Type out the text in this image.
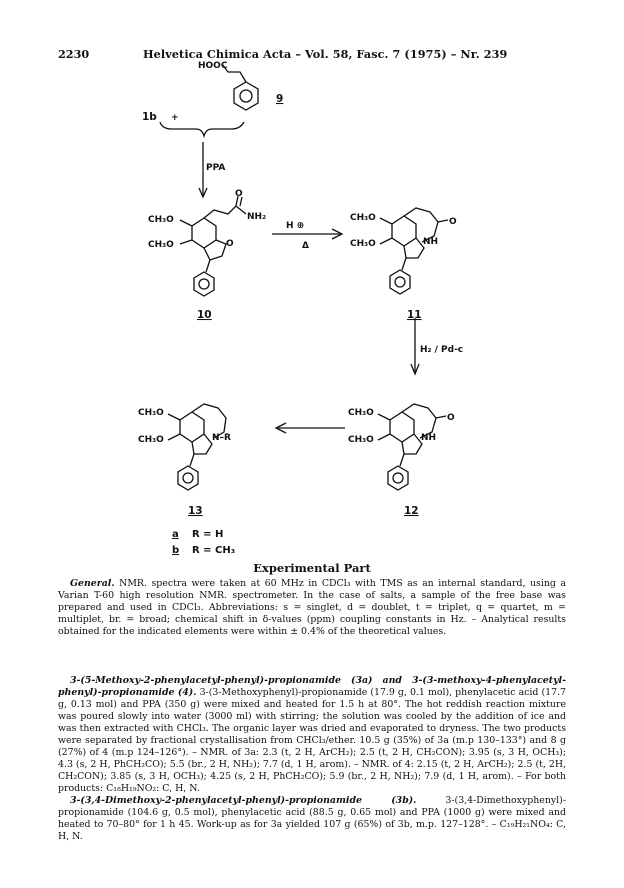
2230	Helvetica Chimica Acta – Vol. 58, Fasc. 7 (1975) – Nr. 239
1b +
HOOC
9
PPA
CH₃O
CH₃O
O
NH₂
O
10
H ⊕
Δ
CH₃O
CH₃O
O
NH
11
H₂ / Pd-c
CH₃O
CH₃O
O
NH
12
CH₃O
CH₃O	N–R
13
a R = H
b R = CH₃
Experimental Part
General. NMR. spectra were taken at 60 MHz in CDCl₃ with TMS as an internal standard, using a Varian T-60 high resolution NMR. spectrometer. In the case of salts, a sample of the free base was prepared and used in CDCl₃. Abbreviations: s = singlet, d = doublet, t = triplet, q = quartet, m = multiplet, br. = broad; chemical shift in δ-values (ppm) coupling constants in Hz. – Analytical results obtained for the indicated elements were within ± 0.4% of the theoretical values.
3-(5-Methoxy-2-phenylacetyl-phenyl)-propionamide (3a) and 3-(3-methoxy-4-phenylacetyl-phenyl)-propionamide (4). 3-(3-Methoxyphenyl)-propionamide (17.9 g, 0.1 mol), phenylacetic acid (17.7 g, 0.13 mol) and PPA (350 g) were mixed and heated for 1.5 h at 80°. The hot reddish reaction mixture was poured slowly into water (3000 ml) with stirring; the solution was cooled by the addition of ice and was then extracted with CHCl₃. The organic layer was dried and evaporated to dryness. The two products were separated by fractional crystallisation from CHCl₃/ether. 10.5 g (35%) of 3a (m.p 130–133°) and 8 g (27%) of 4 (m.p 124–126°). – NMR. of 3a: 2.3 (t, 2 H, ArCH₂); 2.5 (t, 2 H, CH₂CON); 3.95 (s, 3 H, OCH₃); 4.3 (s, 2 H, PhCH₂CO); 5.5 (br., 2 H, NH₂); 7.7 (d, 1 H, arom). – NMR. of 4: 2.15 (t, 2 H, ArCH₂); 2.5 (t, 2H, CH₂CON); 3.85 (s, 3 H, OCH₃); 4.25 (s, 2 H, PhCH₂CO); 5.9 (br., 2 H, NH₂); 7.9 (d, 1 H, arom). – For both products: C₁₈H₁₉NO₂: C, H, N.
3-(3,4-Dimethoxy-2-phenylacetyl-phenyl)-propionamide (3b). 3-(3,4-Dimethoxyphenyl)-propionamide (104.6 g, 0.5 mol), phenylacetic acid (88.5 g, 0.65 mol) and PPA (1000 g) were mixed and heated to 70–80° for 1 h 45. Work-up as for 3a yielded 107 g (65%) of 3b, m.p. 127–128°. – C₁₉H₂₁NO₄: C, H, N.
